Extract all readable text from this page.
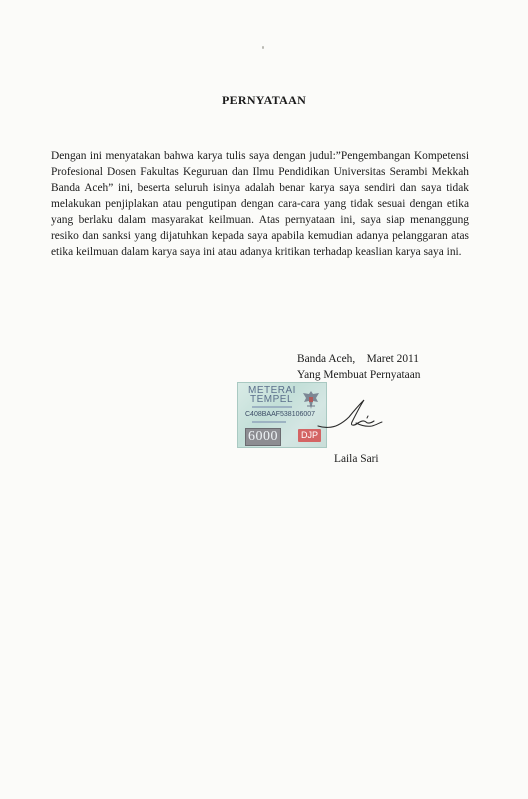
PERNYATAAN

Dengan ini menyatakan bahwa karya tulis saya dengan judul:”Pengembangan Kompetensi Profesional Dosen Fakultas Keguruan dan Ilmu Pendidikan Universitas Serambi Mekkah Banda Aceh” ini, beserta seluruh isinya adalah benar karya saya sendiri dan saya tidak melakukan penjiplakan atau pengutipan dengan cara-cara yang tidak sesuai dengan etika yang berlaku dalam masyarakat keilmuan. Atas pernyataan ini, saya siap menanggung resiko dan sanksi yang dijatuhkan kepada saya apabila kemudian adanya pelanggaran atas etika keilmuan dalam karya saya ini atau adanya kritikan terhadap keaslian karya saya ini.

Banda Aceh,    Maret 2011
Yang Membuat Pernyataan
METERAI
TEMPEL
C408BAAF538106007
6000	DJP
Laila Sari
